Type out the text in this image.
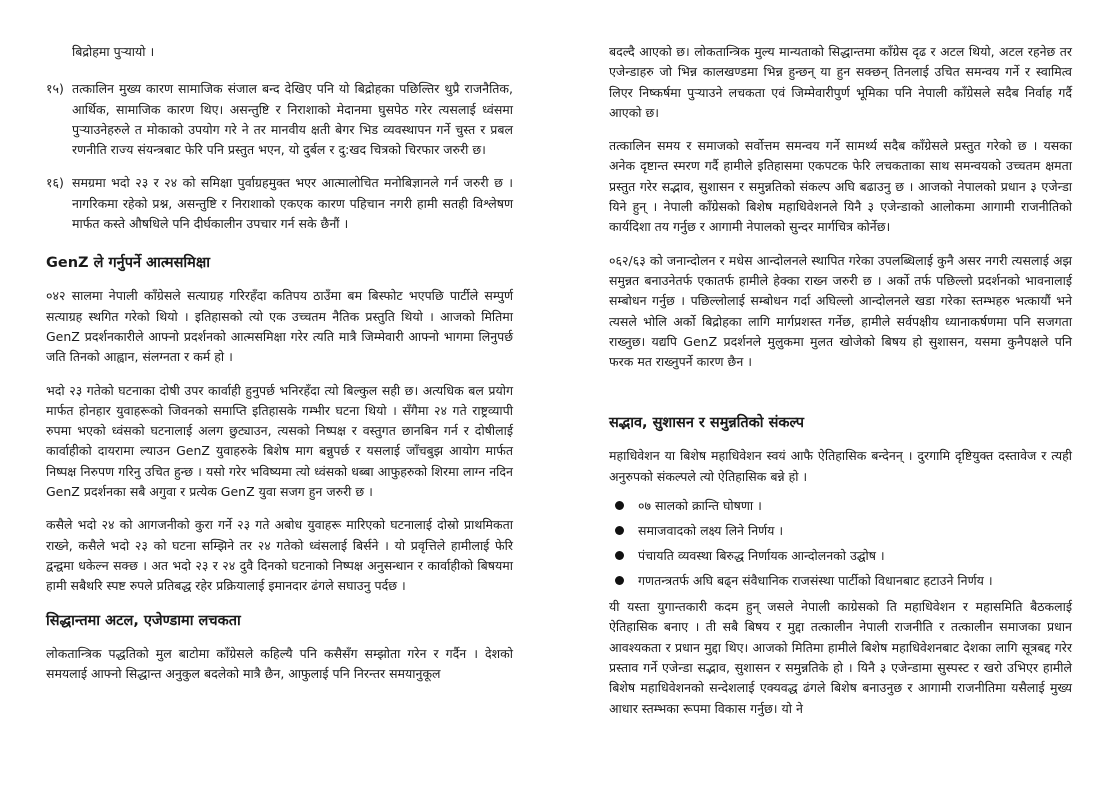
बिद्रोहमा पुऱ्यायो ।

१५) तत्कालिन मुख्य कारण सामाजिक संजाल बन्द देखिए पनि यो बिद्रोहका पछिल्तिर थुप्रै राजनैतिक, आर्थिक, सामाजिक कारण थिए। असन्तुष्टि र निराशाको मेदानमा घुसपेठ गरेर त्यसलाई ध्वंसमा पुऱ्याउनेहरुले त मोकाको उपयोग गरे ने तर मानवीय क्षती बेगर भिड व्यवस्थापन गर्ने चुस्त र प्रबल रणनीति राज्य संयन्त्रबाट फेरि पनि प्रस्तुत भएन, यो दुर्बल र दु:खद चित्रको चिरफार जरुरी छ।
१६) समग्रमा भदो २३ र २४ को समिक्षा पुर्वाग्रहमुक्त भएर आत्मालोचित मनोबिज्ञानले गर्न जरुरी छ । नागरिकमा रहेको प्रश्न, असन्तुष्टि र निराशाको एकएक कारण पहिचान नगरी हामी सतही विश्लेषण मार्फत कस्ते औषधिले पनि दीर्घकालीन उपचार गर्न सके छैनौं ।
GenZ ले गर्नुपर्ने आत्मसमिक्षा

०४२ सालमा नेपाली काँग्रेसले सत्याग्रह गरिरहँदा कतिपय ठाउँमा बम बिस्फोट भएपछि पार्टीले सम्पुर्ण सत्याग्रह स्थगित गरेको थियो । इतिहासको त्यो एक उच्चतम नैतिक प्रस्तुति थियो । आजको मितिमा GenZ प्रदर्शनकारीले आफ्नो प्रदर्शनको आत्मसमिक्षा गरेर त्यति मात्रै जिम्मेवारी आफ्नो भागमा लिनुपर्छ जति तिनको आह्वान, संलग्नता र कर्म हो ।

भदो २३ गतेको घटनाका दोषी उपर कार्वाही हुनुपर्छ भनिरहँदा त्यो बिल्कुल सही छ। अत्यधिक बल प्रयोग मार्फत होनहार युवाहरूको जिवनको समाप्ति इतिहासके गम्भीर घटना थियो । सँगैमा २४ गते राष्ट्रव्यापी रुपमा भएको ध्वंसको घटनालाई अलग छुट्याउन, त्यसको निष्पक्ष र वस्तुगत छानबिन गर्न र दोषीलाई कार्वाहीको दायरामा ल्याउन GenZ युवाहरुके बिशेष माग बन्नुपर्छ र यसलाई जाँचबुझ आयोग मार्फत निष्पक्ष निरुपण गरिनु उचित हुन्छ । यसो गरेर भविष्यमा त्यो ध्वंसको धब्बा आफुहरुको शिरमा लाग्न नदिन GenZ प्रदर्शनका सबै अगुवा र प्रत्येक GenZ युवा सजग हुन जरुरी छ ।

कसैले भदो २४ को आगजनीको कुरा गर्ने २३ गते अबोध युवाहरू मारिएको घटनालाई दोस्रो प्राथमिकता राख्ने, कसैले भदो २३ को घटना सम्झिने तर २४ गतेको ध्वंसलाई बिर्सने । यो प्रवृत्तिले हामीलाई फेरि द्वन्द्वमा धकेल्न सक्छ । अत भदो २३ र २४ दुवै दिनको घटनाको निष्पक्ष अनुसन्धान र कार्वाहीको बिषयमा हामी सबैथरि स्पष्ट रुपले प्रतिबद्ध रहेर प्रक्रियालाई इमानदार ढंगले सघाउनु पर्दछ ।

सिद्धान्तमा अटल, एजेण्डामा लचकता

लोकतान्त्रिक पद्धतिको मुल बाटोमा काँग्रेसले कहिल्यै पनि कसैसँग सम्झोता गरेन र गर्दैन । देशको समयलाई आफ्नो सिद्धान्त अनुकुल बदलेको मात्रै छैन, आफुलाई पनि निरन्तर समयानुकूल

बदल्दै आएको छ। लोकतान्त्रिक मुल्य मान्यताको सिद्धान्तमा काँग्रेस दृढ र अटल थियो, अटल रहनेछ तर एजेन्डाहरु जो भिन्न कालखण्डमा भिन्न हुन्छन् या हुन सक्छन् तिनलाई उचित समन्वय गर्ने र स्वामित्व लिएर निष्कर्षमा पुऱ्याउने लचकता एवं जिम्मेवारीपुर्ण भूमिका पनि नेपाली काँग्रेसले सदैब निर्वाह गर्दै आएको छ।

तत्कालिन समय र समाजको सर्वोत्तम समन्वय गर्ने सामर्थ्य सदैब काँग्रेसले प्रस्तुत गरेको छ । यसका अनेक दृष्टान्त स्मरण गर्दै हामीले इतिहासमा एकपटक फेरि लचकताका साथ समन्वयको उच्चतम क्षमता प्रस्तुत गरेर सद्भाव, सुशासन र समुन्नतिको संकल्प अघि बढाउनु छ । आजको नेपालको प्रधान ३ एजेन्डा यिने हुन् । नेपाली काँग्रेसको बिशेष महाधिवेशनले यिनै ३ एजेन्डाको आलोकमा आगामी राजनीतिको कार्यदिशा तय गर्नुछ र आगामी नेपालको सुन्दर मार्गचित्र कोर्नेछ।

०६२/६३ को जनान्दोलन र मधेस आन्दोलनले स्थापित गरेका उपलब्धिलाई कुनै असर नगरी त्यसलाई अझ समुन्नत बनाउनेतर्फ एकातर्फ हामीले हेक्का राख्न जरुरी छ । अर्को तर्फ पछिल्लो प्रदर्शनको भावनालाई सम्बोधन गर्नुछ । पछिल्लोलाई सम्बोधन गर्दा अघिल्लो आन्दोलनले खडा गरेका स्तम्भहरु भत्कायौं भने त्यसले भोलि अर्को बिद्रोहका लागि मार्गप्रशस्त गर्नेछ, हामीले सर्वपक्षीय ध्यानाकर्षणमा पनि सजगता राख्नुछ। यद्यपि GenZ प्रदर्शनले मुलुकमा मुलत खोजेको बिषय हो सुशासन, यसमा कुनैपक्षले पनि फरक मत राख्नुपर्ने कारण छैन ।

सद्भाव, सुशासन र समुन्नतिको संकल्प

महाधिवेशन या बिशेष महाधिवेशन स्वयं आफै ऐतिहासिक बन्देनन् । दुरगामि दृष्टियुक्त दस्तावेज र त्यही अनुरुपको संकल्पले त्यो ऐतिहासिक बन्ने हो ।

०७ सालको क्रान्ति घोषणा ।
समाजवादको लक्ष्य लिने निर्णय ।
पंचायति व्यवस्था बिरुद्ध निर्णायक आन्दोलनको उद्घोष ।
गणतन्त्रतर्फ अघि बढ्न संवैधानिक राजसंस्था पार्टीको विधानबाट हटाउने निर्णय ।

यी यस्ता युगान्तकारी कदम हुन् जसले नेपाली काग्रेसको ति महाधिवेशन र महासमिति बैठकलाई ऐतिहासिक बनाए । ती सबै बिषय र मुद्दा तत्कालीन नेपाली राजनीति र तत्कालीन समाजका प्रधान आवश्यकता र प्रधान मुद्दा थिए। आजको मितिमा हामीले बिशेष महाधिवेशनबाट देशका लागि सूत्रबद्द गरेर प्रस्ताव गर्ने एजेन्डा सद्भाव, सुशासन र समुन्नतिके हो । यिनै ३ एजेन्डामा सुस्पस्ट र खरो उभिएर हामीले बिशेष महाधिवेशनको सन्देशलाई एक्यवद्ध ढंगले बिशेष बनाउनुछ र आगामी राजनीतिमा यसैलाई मुख्य आधार स्तम्भका रूपमा विकास गर्नुछ। यो ने
